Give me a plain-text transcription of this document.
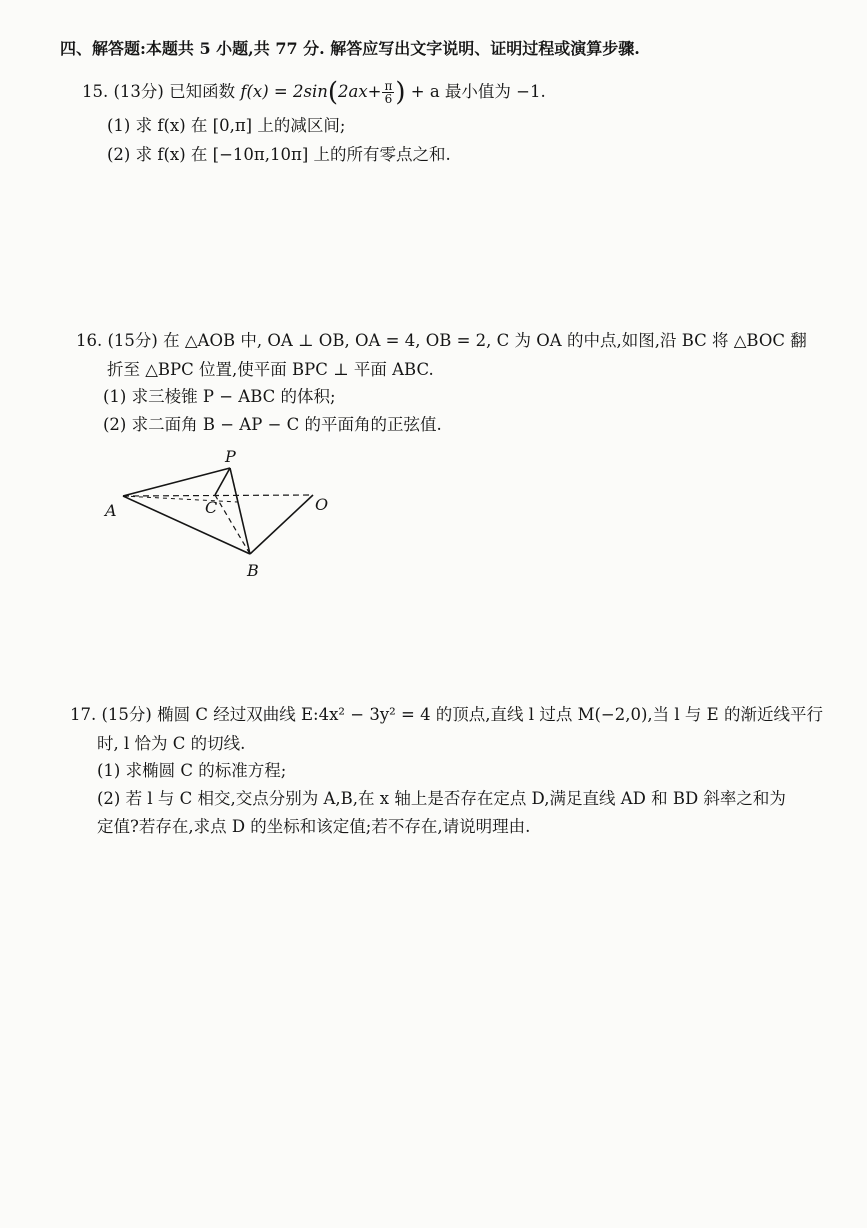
四、解答题:本题共 5 小题,共 77 分. 解答应写出文字说明、证明过程或演算步骤.
15. (13分) 已知函数 $f(x) = 2\sin(2ax+ \frac{\pi}{6}$ ) + a 最小值为 −1.
(1) 求 f(x) 在 [0,π] 上的减区间;
(2) 求 f(x) 在 [−10π,10π] 上的所有零点之和.
16. (15分) 在 △AOB 中, OA ⊥ OB, OA = 4, OB = 2, C 为 OA 的中点,如图,沿 BC 将 △BOC 翻
折至 △BPC 位置,使平面 BPC ⊥ 平面 ABC.
(1) 求三棱锥 P − ABC 的体积;
(2) 求二面角 B − AP − C 的平面角的正弦值.
P
A	C	O
B
17. (15分) 椭圆 C 经过双曲线 E:4x² − 3y² = 4 的顶点,直线 l 过点 M(−2,0),当 l 与 E 的渐近线平行
时, l 恰为 C 的切线.
(1) 求椭圆 C 的标准方程;
(2) 若 l 与 C 相交,交点分别为 A,B,在 x 轴上是否存在定点 D,满足直线 AD 和 BD 斜率之和为
定值?若存在,求点 D 的坐标和该定值;若不存在,请说明理由.
